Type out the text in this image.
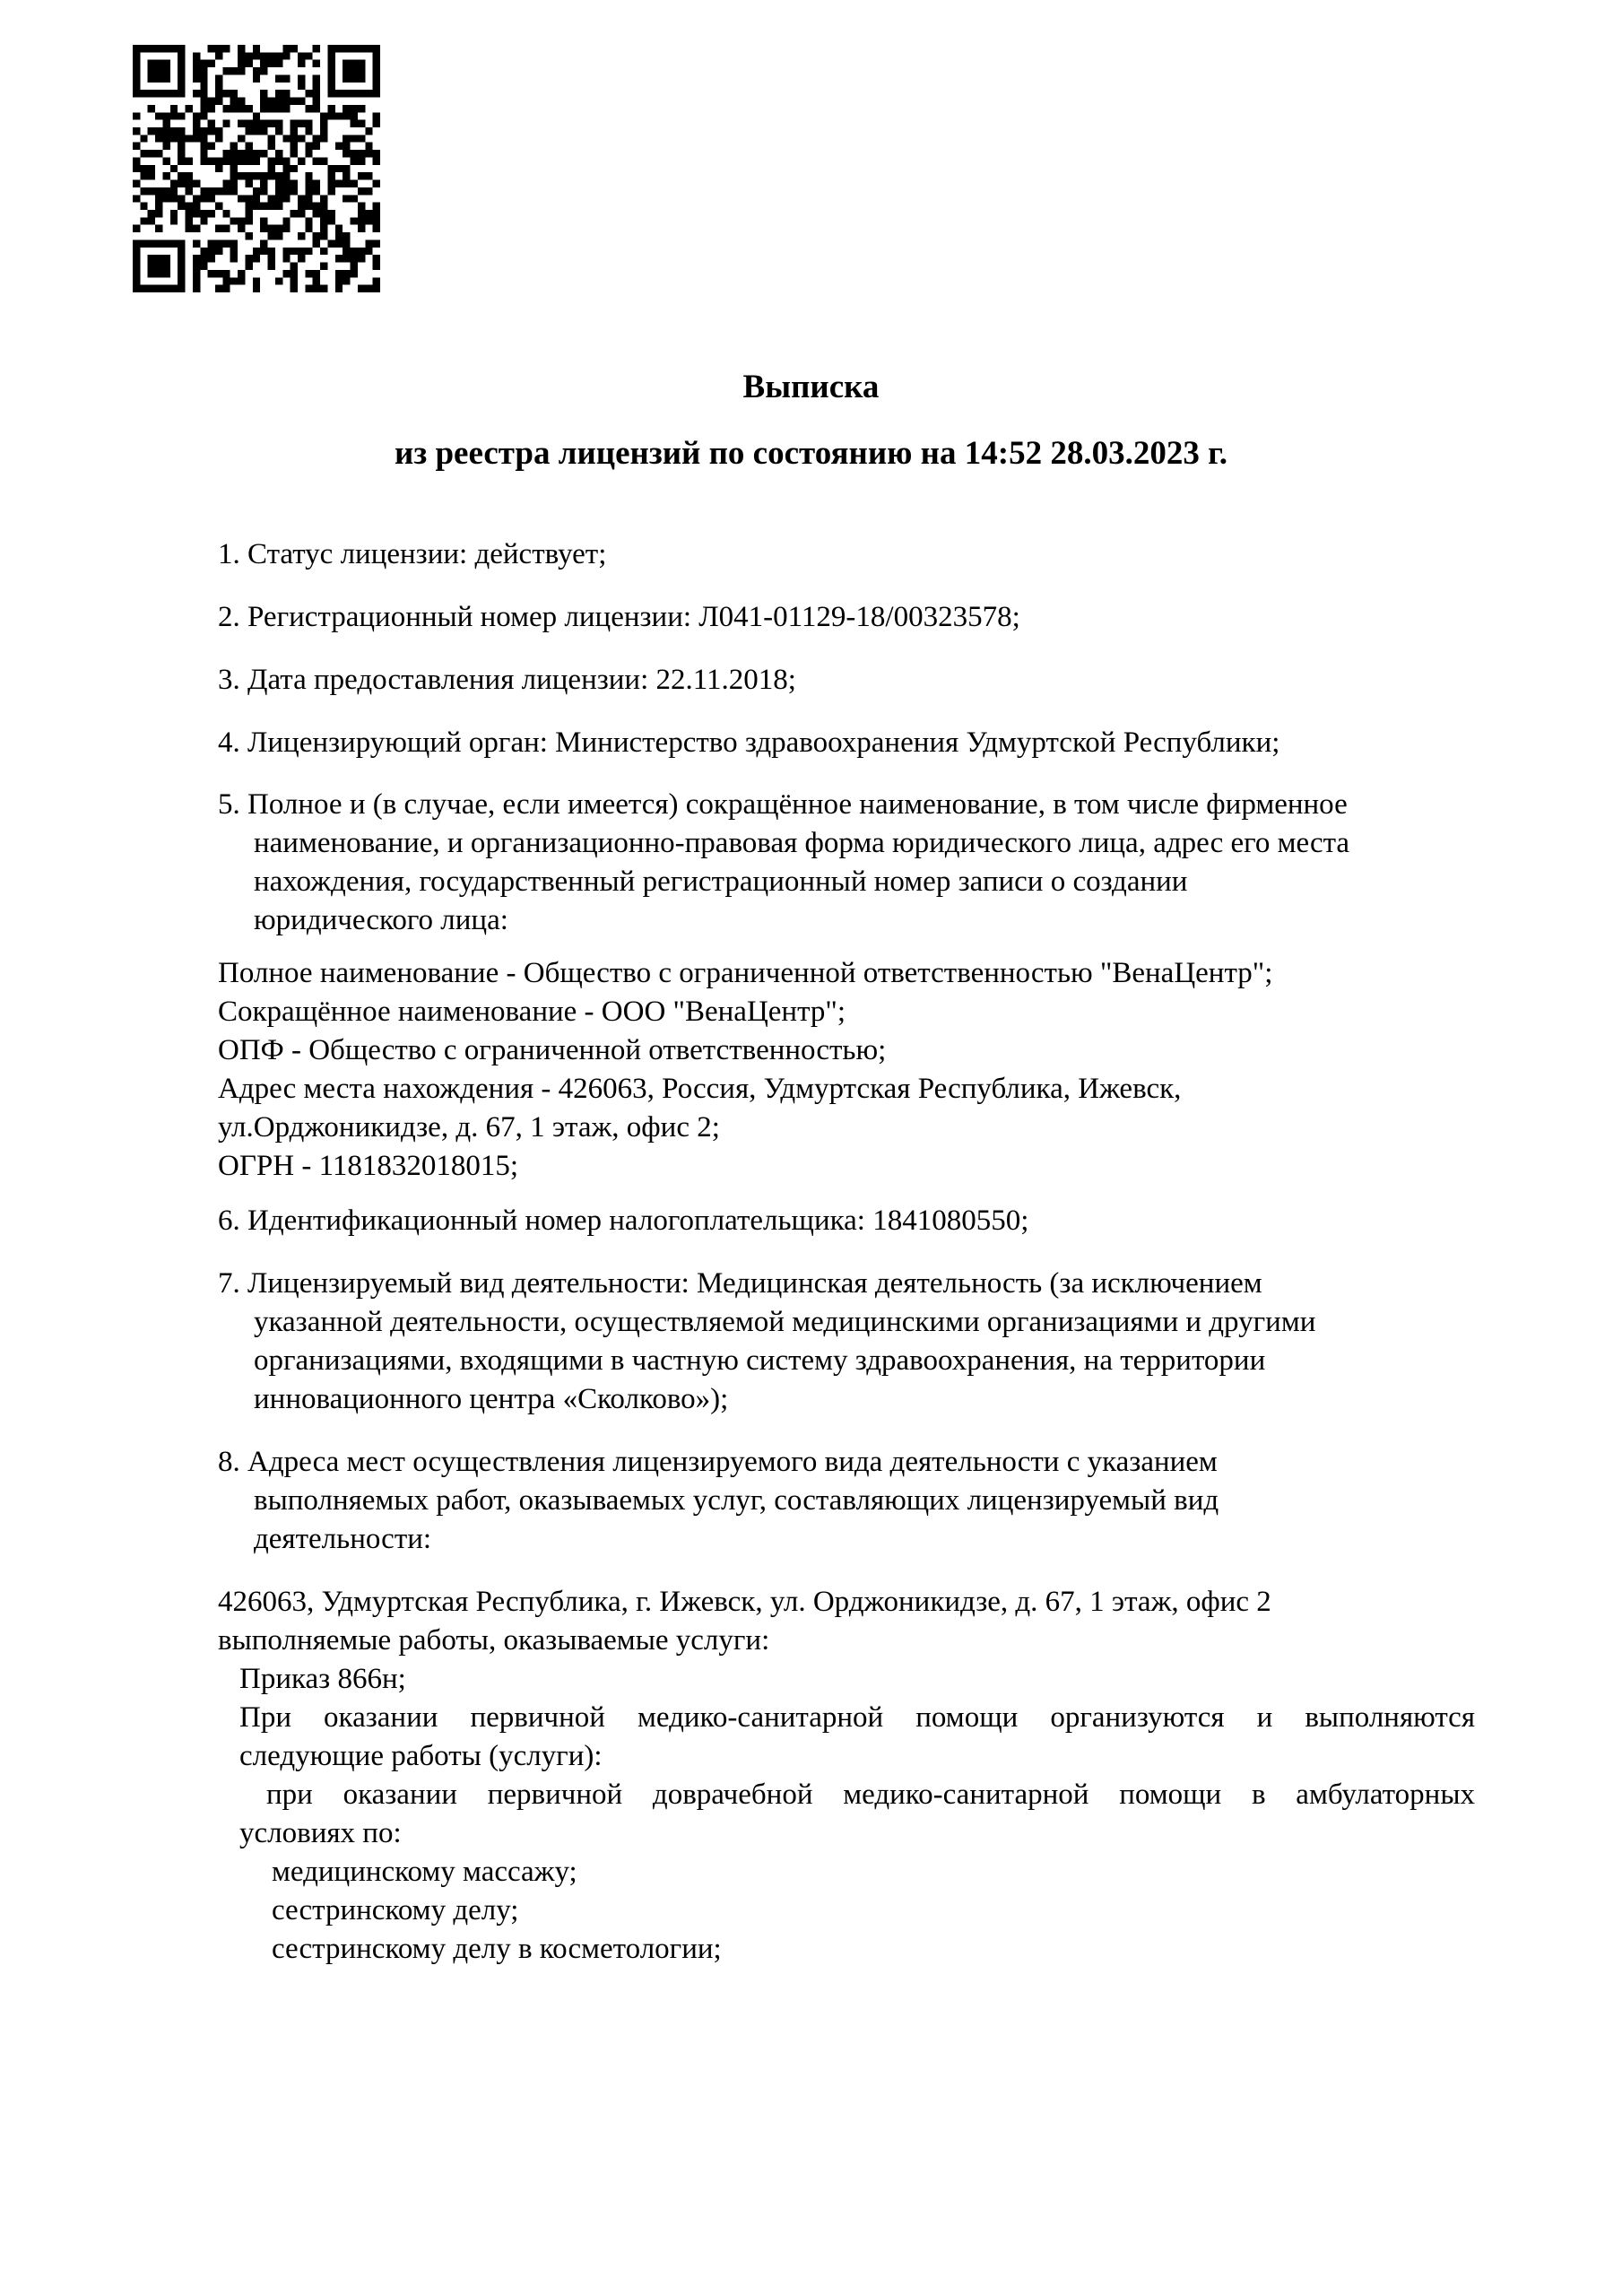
Выписка
из реестра лицензий по состоянию на 14:52 28.03.2023 г.
1. Статус лицензии: действует;
2. Регистрационный номер лицензии: Л041-01129-18/00323578;
3. Дата предоставления лицензии: 22.11.2018;
4. Лицензирующий орган: Министерство здравоохранения Удмуртской Республики;
5. Полное и (в случае, если имеется) сокращённое наименование, в том числе фирменное
наименование, и организационно-правовая форма юридического лица, адрес его места
нахождения, государственный регистрационный номер записи о создании
юридического лица:
Полное наименование - Общество с ограниченной ответственностью "ВенаЦентр";
Сокращённое наименование - ООО "ВенаЦентр";
ОПФ - Общество с ограниченной ответственностью;
Адрес места нахождения - 426063, Россия, Удмуртская Республика, Ижевск,
ул.Орджоникидзе, д. 67, 1 этаж, офис 2;
ОГРН - 1181832018015;
6. Идентификационный номер налогоплательщика: 1841080550;
7. Лицензируемый вид деятельности: Медицинская деятельность (за исключением
указанной деятельности, осуществляемой медицинскими организациями и другими
организациями, входящими в частную систему здравоохранения, на территории
инновационного центра «Сколково»);
8. Адреса мест осуществления лицензируемого вида деятельности с указанием
выполняемых работ, оказываемых услуг, составляющих лицензируемый вид
деятельности:
426063, Удмуртская Республика, г. Ижевск, ул. Орджоникидзе, д. 67, 1 этаж, офис 2
выполняемые работы, оказываемые услуги:
Приказ 866н;
При оказании первичной медико-санитарной помощи организуются и выполняются
следующие работы (услуги):
при оказании первичной доврачебной медико-санитарной помощи в амбулаторных
условиях по:
медицинскому массажу;
сестринскому делу;
сестринскому делу в косметологии;
